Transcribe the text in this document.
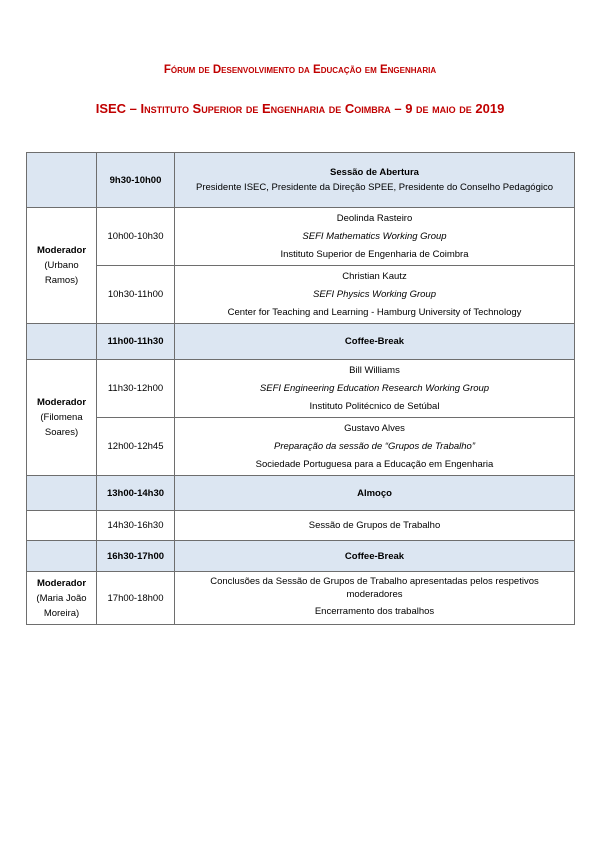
Fórum de Desenvolvimento da Educação em Engenharia
ISEC – Instituto Superior de Engenharia de Coimbra – 9 de maio de 2019
	9h30-10h00	Sessão de Abertura
Presidente ISEC, Presidente da Direção SPEE, Presidente do Conselho Pedagógico

Moderador
(Urbano Ramos)	10h00-10h30	Deolinda Rasteiro
SEFI Mathematics Working Group
Instituto Superior de Engenharia de Coimbra

	10h30-11h00	Christian Kautz
SEFI Physics Working Group
Center for Teaching and Learning - Hamburg University of Technology

	11h00-11h30	Coffee-Break

Moderador
(Filomena Soares)	11h30-12h00	Bill Williams
SEFI Engineering Education Research Working Group
Instituto Politécnico de Setúbal

	12h00-12h45	Gustavo Alves
Preparação da sessão de “Grupos de Trabalho”
Sociedade Portuguesa para a Educação em Engenharia

	13h00-14h30	Almoço
	14h30-16h30	Sessão de Grupos de Trabalho
	16h30-17h00	Coffee-Break

Moderador
(Maria João Moreira)	17h00-18h00	Conclusões da Sessão de Grupos de Trabalho apresentadas pelos respetivos moderadores
Encerramento dos trabalhos
